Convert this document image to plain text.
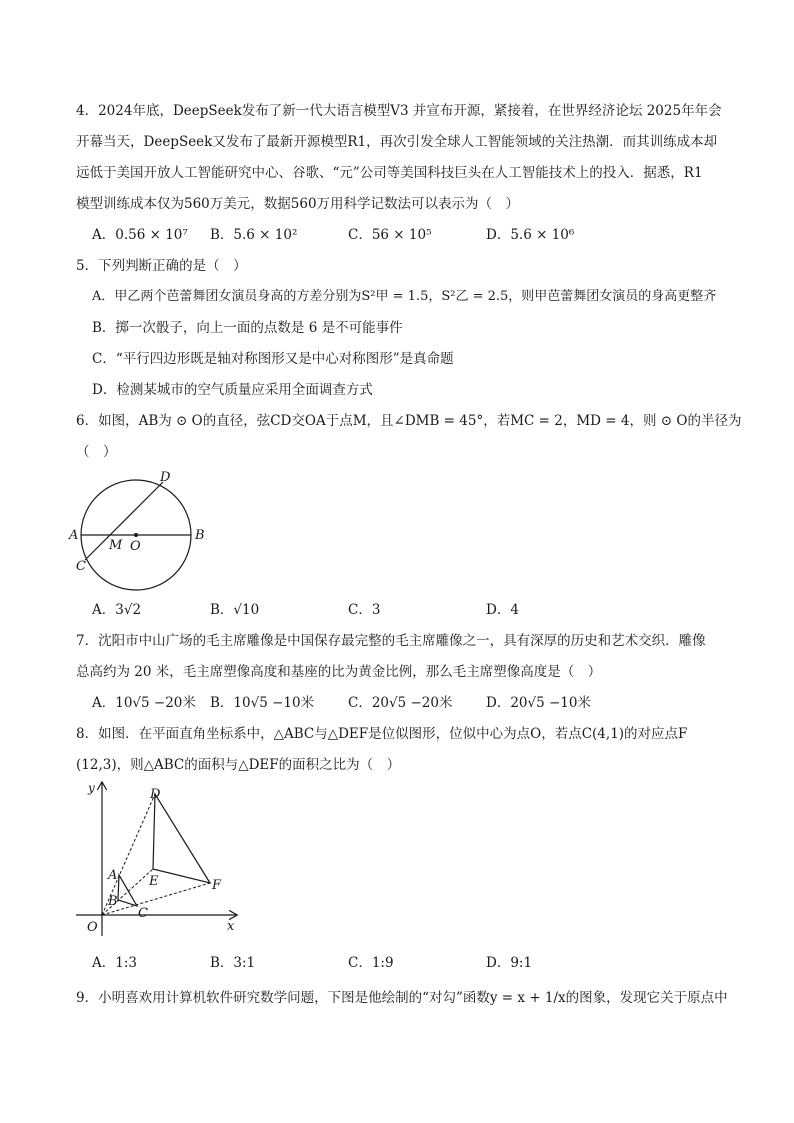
4．2024年底，DeepSeek发布了新一代大语言模型V3 并宣布开源，紧接着，在世界经济论坛 2025年年会
开幕当天，DeepSeek又发布了最新开源模型R1，再次引发全球人工智能领域的关注热潮．而其训练成本却
远低于美国开放人工智能研究中心、谷歌、“元”公司等美国科技巨头在人工智能技术上的投入．据悉，R1
模型训练成本仅为560万美元，数据560万用科学记数法可以表示为（　）
A．0.56 × 10⁷ B．5.6 × 10²	C．56 × 10⁵	D．5.6 × 10⁶
5．下列判断正确的是（　）
A．甲乙两个芭蕾舞团女演员身高的方差分别为S²甲 = 1.5，S²乙 = 2.5，则甲芭蕾舞团女演员的身高更整齐
B．掷一次骰子，向上一面的点数是 6 是不可能事件
C．“平行四边形既是轴对称图形又是中心对称图形”是真命题
D．检测某城市的空气质量应采用全面调查方式
6．如图，AB为 ⊙ O的直径，弦CD交OA于点M，且∠DMB = 45°，若MC = 2，MD = 4，则 ⊙ O的半径为
（　）
A	B
C
D
M O
A．3√2	B．√10	C．3	D．4
7．沈阳市中山广场的毛主席雕像是中国保存最完整的毛主席雕像之一，具有深厚的历史和艺术交织．雕像
总高约为 20 米，毛主席塑像高度和基座的比为黄金比例，那么毛主席塑像高度是（　）
A．10√5 −20米 B．10√5 −10米	C．20√5 −20米 D．20√5 −10米
8．如图．在平面直角坐标系中，△ABC与△DEF是位似图形，位似中心为点O，若点C(4,1)的对应点F
(12,3)，则△ABC的面积与△DEF的面积之比为（　）
y
x
O
A
B
C
D
E	F
A．1:3	B．3:1	C．1:9	D．9:1
9．小明喜欢用计算机软件研究数学问题，下图是他绘制的“对勾”函数y = x + 1/x的图象，发现它关于原点中
